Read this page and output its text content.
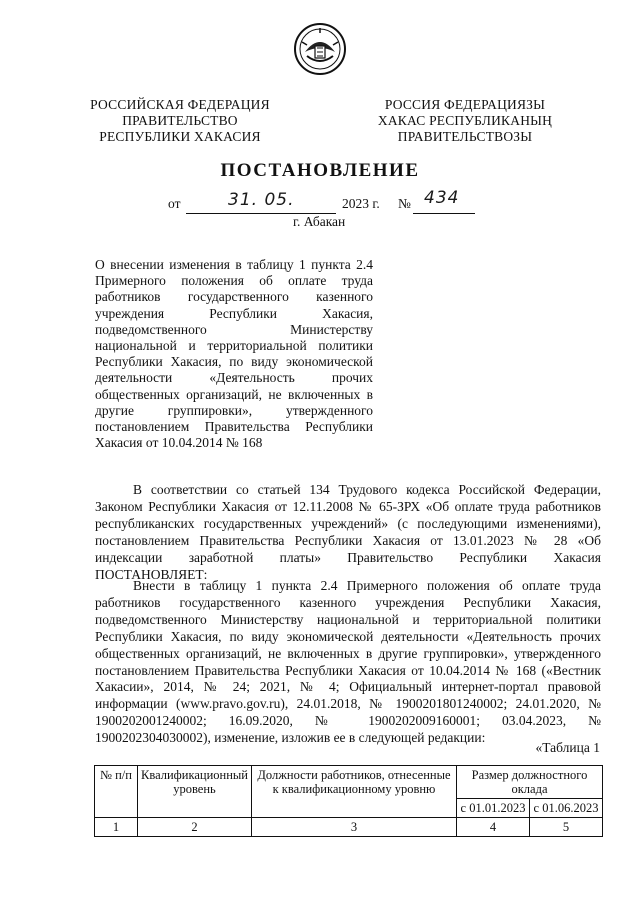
РОССИЙСКАЯ ФЕДЕРАЦИЯ
ПРАВИТЕЛЬСТВО
РЕСПУБЛИКИ ХАКАСИЯ
РОССИЯ ФЕДЕРАЦИЯЗЫ
ХАКАС РЕСПУБЛИКАНЫҢ
ПРАВИТЕЛЬСТВОЗЫ
ПОСТАНОВЛЕНИЕ
от	31. 05.	2023 г. № 434
г. Абакан
О внесении изменения в таблицу 1 пункта 2.4 Примерного положения об оплате труда работников государственного казенного учреждения Республики Хакасия, подведомственного Министерству национальной и территориальной политики Республики Хакасия, по виду экономической деятельности «Деятельность прочих общественных организаций, не включенных в другие группировки», утвержденного постановлением Правительства Республики Хакасия от 10.04.2014 № 168
В соответствии со статьей 134 Трудового кодекса Российской Федерации, Законом Республики Хакасия от 12.11.2008 № 65-ЗРХ «Об оплате труда работников республиканских государственных учреждений» (с последующими изменениями), постановлением Правительства Республики Хакасия от 13.01.2023 № 28 «Об индексации заработной платы» Правительство Республики Хакасия ПОСТАНОВЛЯЕТ:
Внести в таблицу 1 пункта 2.4 Примерного положения об оплате труда работников государственного казенного учреждения Республики Хакасия, подведомственного Министерству национальной и территориальной политики Республики Хакасия, по виду экономической деятельности «Деятельность прочих общественных организаций, не включенных в другие группировки», утвержденного постановлением Правительства Республики Хакасия от 10.04.2014 № 168 («Вестник Хакасии», 2014, № 24; 2021, № 4; Официальный интернет-портал правовой информации (www.pravo.gov.ru), 24.01.2018, № 1900201801240002; 24.01.2020, № 1900202001240002; 16.09.2020, № 1900202009160001; 03.04.2023, № 1900202304030002), изменение, изложив ее в следующей редакции:
«Таблица 1
№ п/п	Квалификационный уровень	Должности работников, отнесенные к квалификационному уровню	Размер должностного оклада	
			с 01.01.2023	с 01.06.2023
1	2	3	4	5
